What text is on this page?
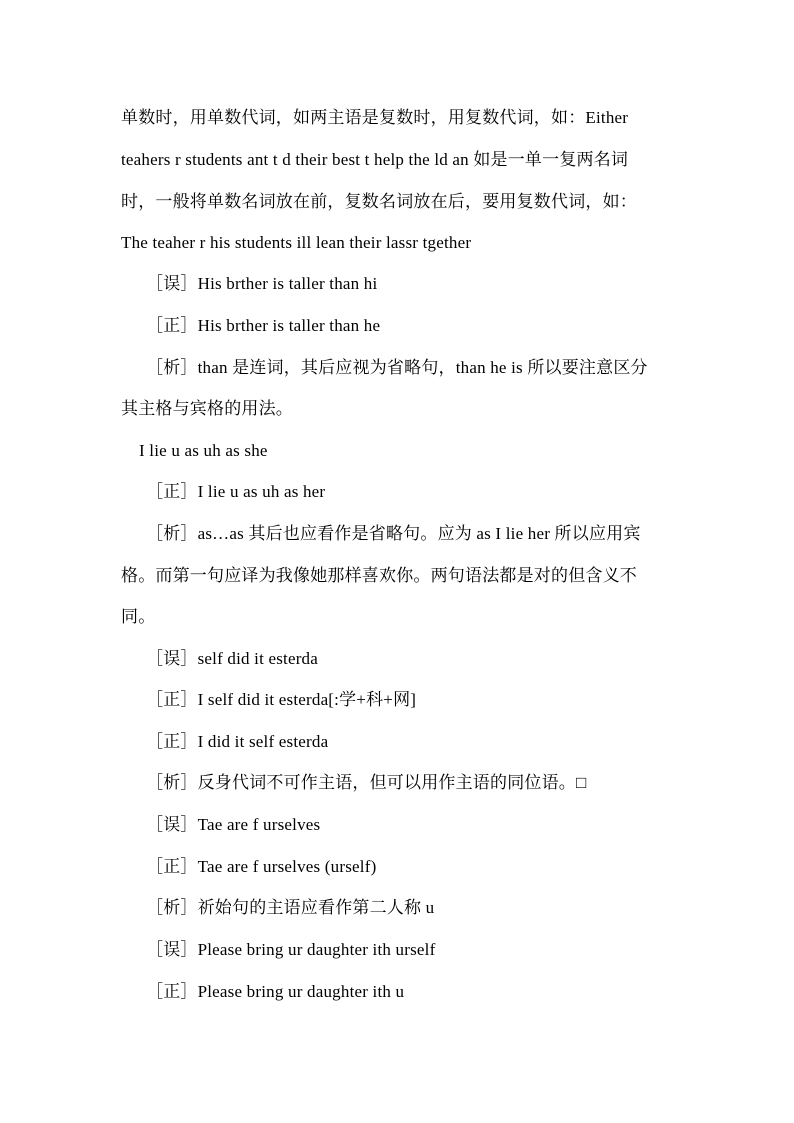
单数时，用单数代词，如两主语是复数时，用复数代词，如：Either
teahers r students ant t d their best t help the ld an 如是一单一复两名词
时，一般将单数名词放在前，复数名词放在后，要用复数代词，如：
The teaher r his students ill lean their lassr tgether
［误］His brther is taller than hi
［正］His brther is taller than he
［析］than 是连词，其后应视为省略句，than he is 所以要注意区分
其主格与宾格的用法。
I lie u as uh as she
［正］I lie u as uh as her
［析］as…as 其后也应看作是省略句。应为 as I lie her 所以应用宾
格。而第一句应译为我像她那样喜欢你。两句语法都是对的但含义不
同。
［误］self did it esterda
［正］I self did it esterda[:学+科+网]
［正］I did it self esterda
［析］反身代词不可作主语，但可以用作主语的同位语。□
［误］Tae are f urselves
［正］Tae are f urselves (urself)
［析］祈始句的主语应看作第二人称 u
［误］Please bring ur daughter ith urself
［正］Please bring ur daughter ith u
